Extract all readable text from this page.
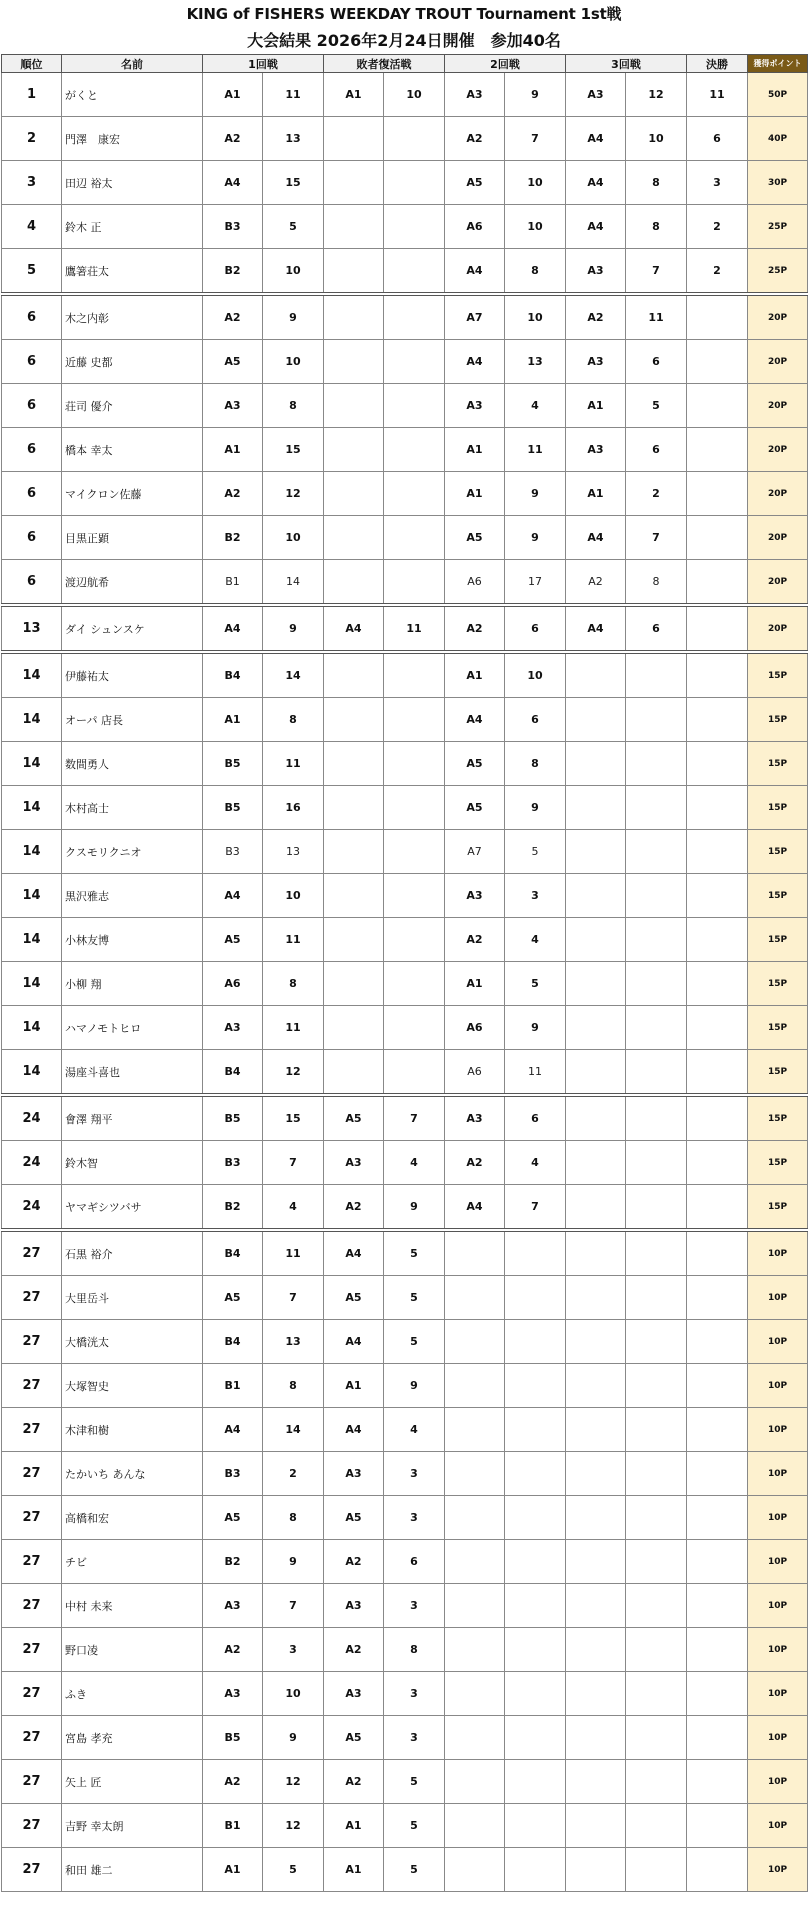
KING of FISHERS WEEKDAY TROUT Tournament 1st戦
大会結果 2026年2月24日開催　参加40名
順位	名前	1回戦		敗者復活戦		2回戦		3回戦		決勝	獲得ポイント
1	がくと	A1	11	A1	10	A3	9	A3	12	11	50P
2	門澤　康宏	A2	13			A2	7	A4	10	6	40P
3	田辺 裕太	A4	15			A5	10	A4	8	3	30P
4	鈴木 正	B3	5			A6	10	A4	8	2	25P
5	鷹箸荘太	B2	10			A4	8	A3	7	2	25P
6	木之内彰	A2	9			A7	10	A2	11		20P
6	近藤 史都	A5	10			A4	13	A3	6		20P
6	荘司 優介	A3	8			A3	4	A1	5		20P
6	橋本 幸太	A1	15			A1	11	A3	6		20P
6	マイクロン佐藤	A2	12			A1	9	A1	2		20P
6	目黒正顕	B2	10			A5	9	A4	7		20P
6	渡辺航希	B1	14			A6	17	A2	8		20P
13	ダイ シュンスケ	A4	9	A4	11	A2	6	A4	6		20P
14	伊藤祐太	B4	14			A1	10				15P
14	オーパ 店長	A1	8			A4	6				15P
14	数間勇人	B5	11			A5	8				15P
14	木村高士	B5	16			A5	9				15P
14	クスモリクニオ	B3	13			A7	5				15P
14	黒沢雅志	A4	10			A3	3				15P
14	小林友博	A5	11			A2	4				15P
14	小柳 翔	A6	8			A1	5				15P
14	ハマノモトヒロ	A3	11			A6	9				15P
14	湯座斗喜也	B4	12			A6	11				15P
24	會澤 翔平	B5	15	A5	7	A3	6				15P
24	鈴木智	B3	7	A3	4	A2	4				15P
24	ヤマギシツバサ	B2	4	A2	9	A4	7				15P
27	石黒 裕介	B4	11	A4	5						10P
27	大里岳斗	A5	7	A5	5						10P
27	大橋洸太	B4	13	A4	5						10P
27	大塚智史	B1	8	A1	9						10P
27	木津和樹	A4	14	A4	4						10P
27	たかいち あんな	B3	2	A3	3						10P
27	高橋和宏	A5	8	A5	3						10P
27	チビ	B2	9	A2	6						10P
27	中村 未来	A3	7	A3	3						10P
27	野口凌	A2	3	A2	8						10P
27	ふき	A3	10	A3	3						10P
27	宮島 孝充	B5	9	A5	3						10P
27	矢上 匠	A2	12	A2	5						10P
27	吉野 幸太朗	B1	12	A1	5						10P
27	和田 雄二	A1	5	A1	5						10P
